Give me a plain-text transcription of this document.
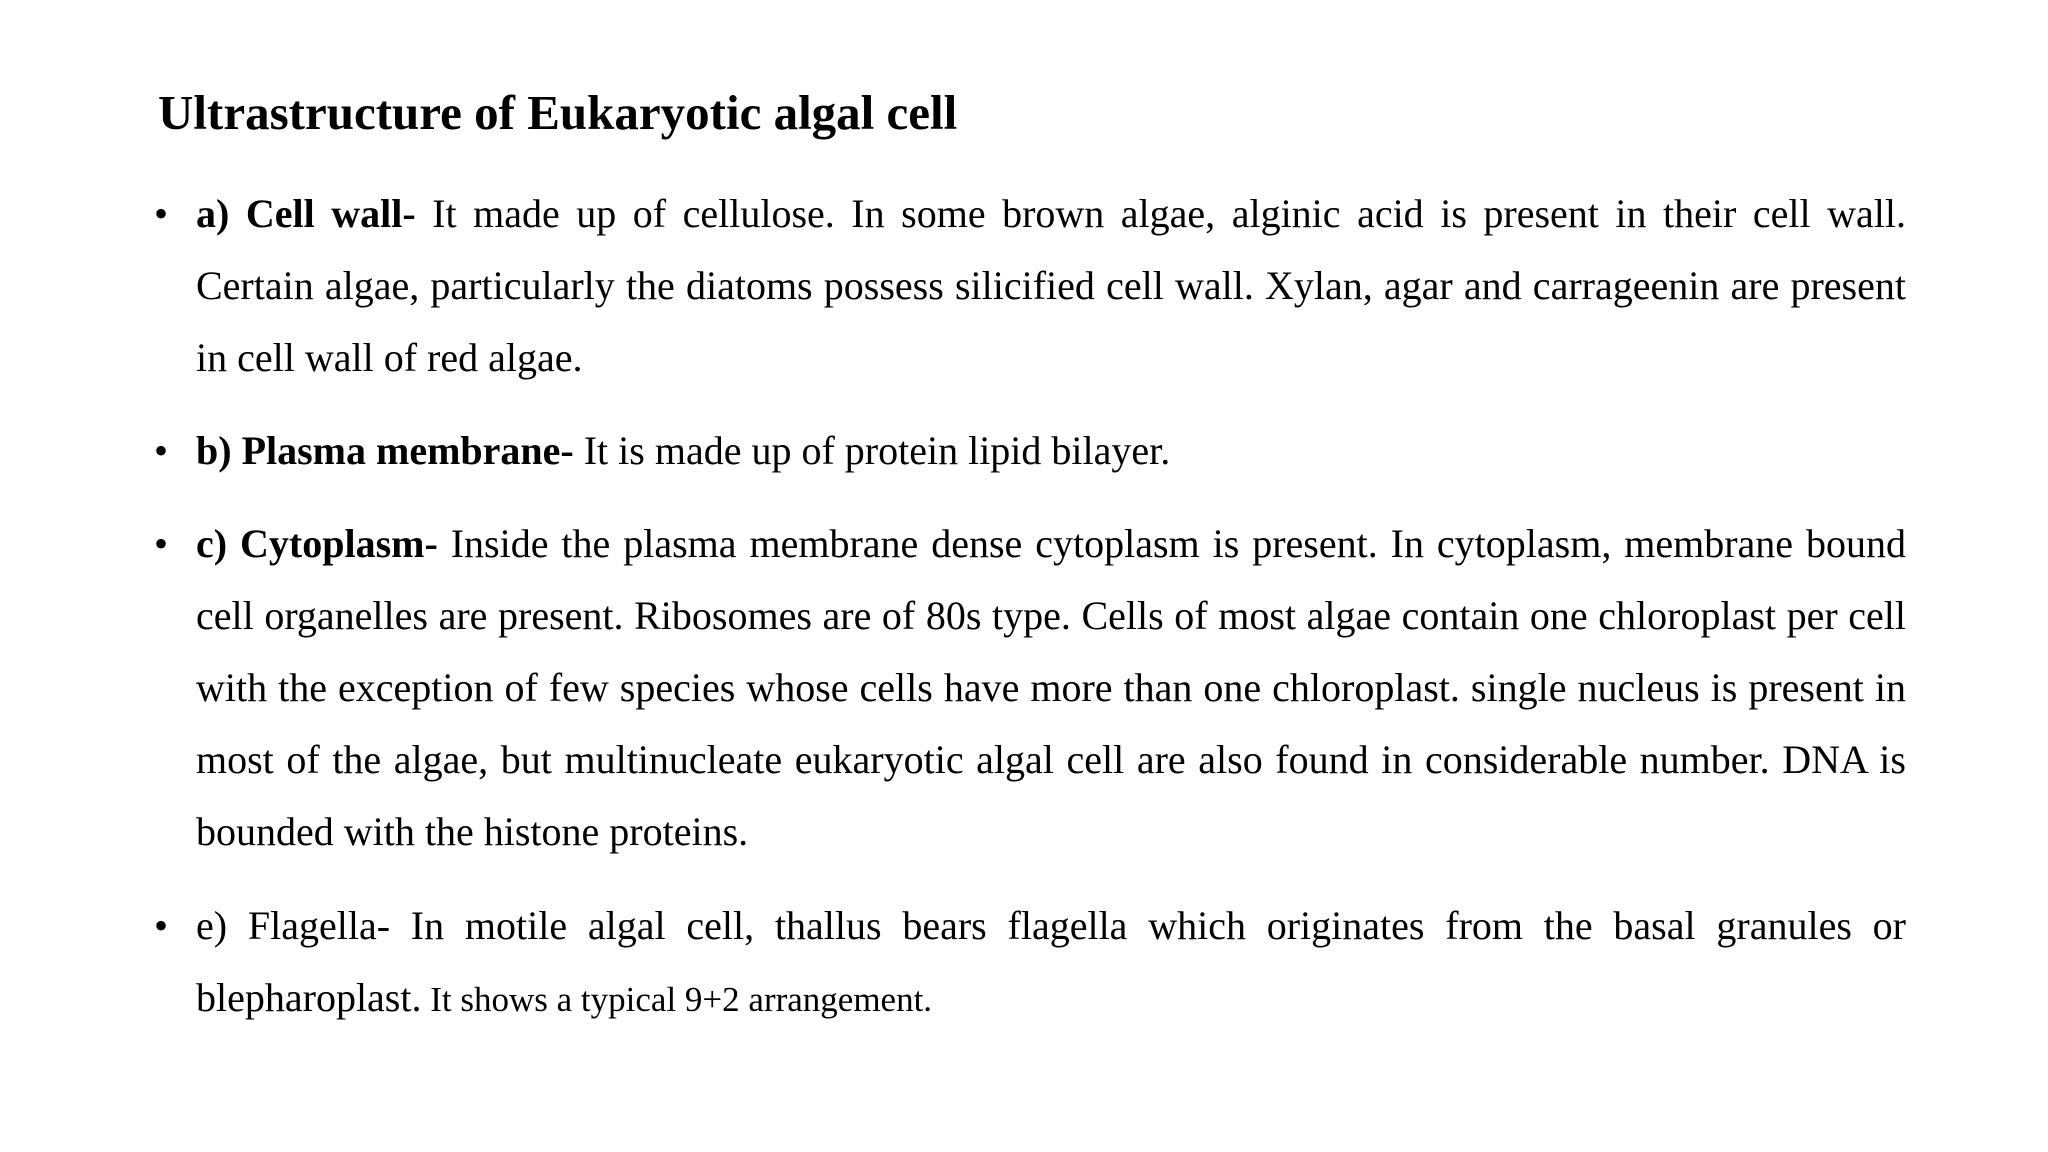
Ultrastructure of Eukaryotic algal cell
• a) Cell wall- It made up of cellulose. In some brown algae, alginic acid is present in their cell wall. Certain algae, particularly the diatoms possess silicified cell wall. Xylan, agar and carrageenin are present in cell wall of red algae.
• b) Plasma membrane- It is made up of protein lipid bilayer.
• c) Cytoplasm- Inside the plasma membrane dense cytoplasm is present. In cytoplasm, membrane bound cell organelles are present. Ribosomes are of 80s type. Cells of most algae contain one chloroplast per cell with the exception of few species whose cells have more than one chloroplast. single nucleus is present in most of the algae, but multinucleate eukaryotic algal cell are also found in considerable number. DNA is bounded with the histone proteins.
• e) Flagella- In motile algal cell, thallus bears flagella which originates from the basal granules or blepharoplast. It shows a typical 9+2 arrangement.
